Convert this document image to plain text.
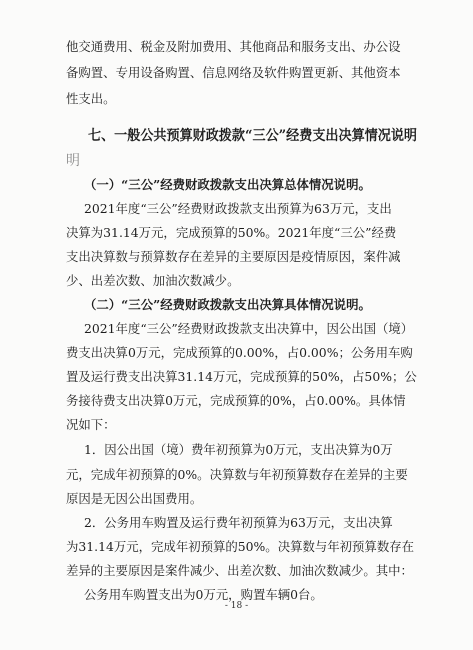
他交通费用、税金及附加费用、其他商品和服务支出、办公设
备购置、专用设备购置、信息网络及软件购置更新、其他资本
性支出。
七、一般公共预算财政拨款“三公”经费支出决算情况说明
明
（一）“三公”经费财政拨款支出决算总体情况说明。
2021年度“三公”经费财政拨款支出预算为63万元，支出
决算为31.14万元，完成预算的50%。2021年度“三公”经费
支出决算数与预算数存在差异的主要原因是疫情原因，案件减
少、出差次数、加油次数减少。
（二）“三公”经费财政拨款支出决算具体情况说明。
2021年度“三公”经费财政拨款支出决算中，因公出国（境）
费支出决算0万元，完成预算的0.00%，占0.00%；公务用车购
置及运行费支出决算31.14万元，完成预算的50%，占50%；公
务接待费支出决算0万元，完成预算的0%，占0.00%。具体情
况如下：
1．因公出国（境）费年初预算为0万元，支出决算为0万
元，完成年初预算的0%。决算数与年初预算数存在差异的主要
原因是无因公出国费用。
2．公务用车购置及运行费年初预算为63万元，支出决算
为31.14万元，完成年初预算的50%。决算数与年初预算数存在
差异的主要原因是案件减少、出差次数、加油次数减少。其中：
公务用车购置支出为0万元，购置车辆0台。
- 18 -
